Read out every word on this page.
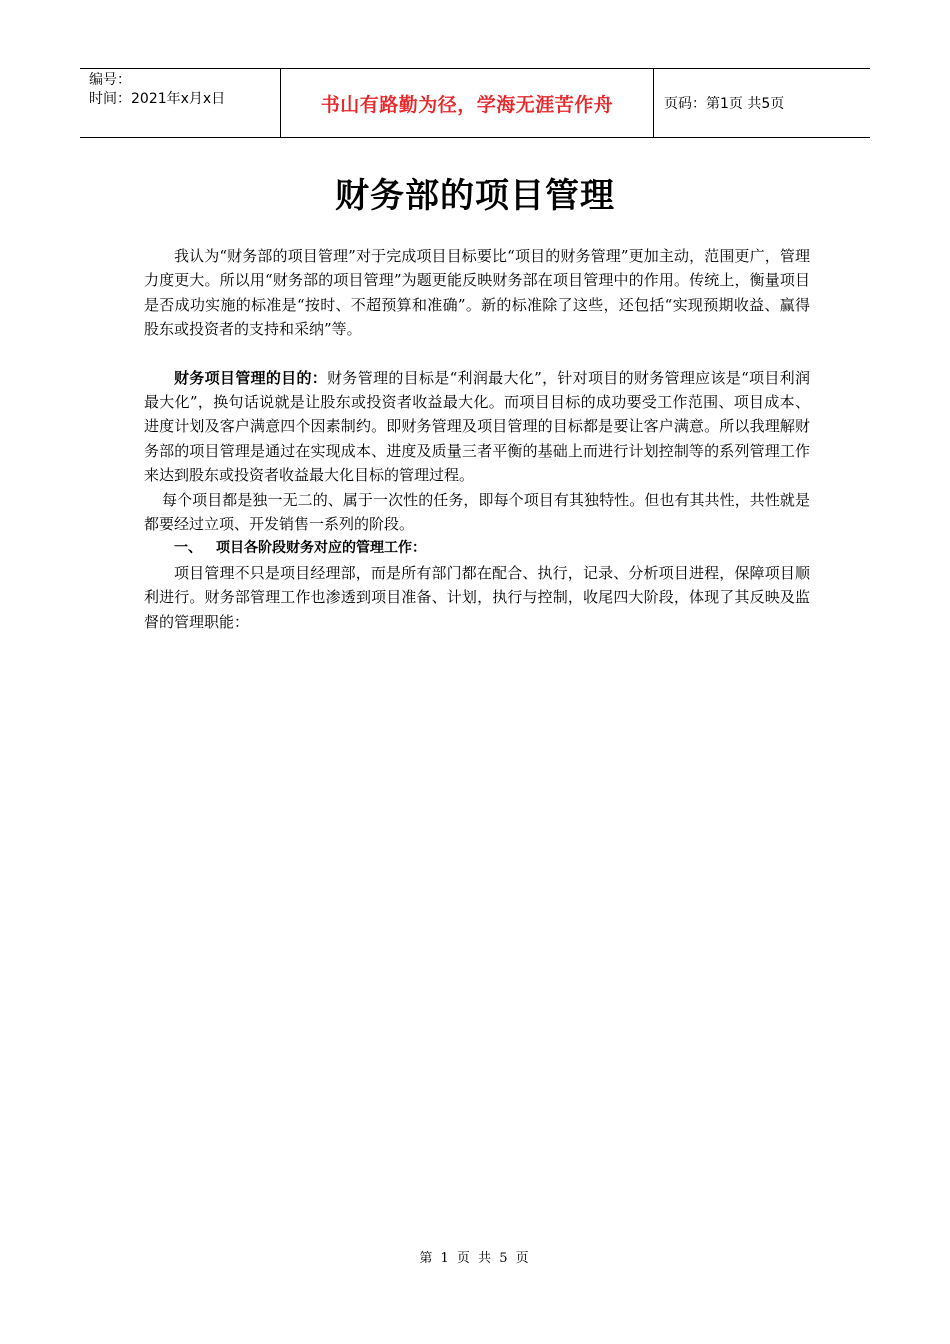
编号：
时间：2021年x月x日	书山有路勤为径，学海无涯苦作舟	页码：第1页 共5页
财务部的项目管理

我认为“财务部的项目管理”对于完成项目目标要比“项目的财务管理”更加主动，范围更广，管理力度更大。所以用“财务部的项目管理”为题更能反映财务部在项目管理中的作用。传统上，衡量项目是否成功实施的标准是“按时、不超预算和准确”。新的标准除了这些，还包括“实现预期收益、赢得股东或投资者的支持和采纳”等。

财务项目管理的目的：财务管理的目标是“利润最大化”，针对项目的财务管理应该是“项目利润最大化”，换句话说就是让股东或投资者收益最大化。而项目目标的成功要受工作范围、项目成本、进度计划及客户满意四个因素制约。即财务管理及项目管理的目标都是要让客户满意。所以我理解财务部的项目管理是通过在实现成本、进度及质量三者平衡的基础上而进行计划控制等的系列管理工作来达到股东或投资者收益最大化目标的管理过程。

每个项目都是独一无二的、属于一次性的任务，即每个项目有其独特性。但也有其共性，共性就是都要经过立项、开发销售一系列的阶段。

一、 项目各阶段财务对应的管理工作：

项目管理不只是项目经理部，而是所有部门都在配合、执行，记录、分析项目进程，保障项目顺利进行。财务部管理工作也渗透到项目准备、计划，执行与控制，收尾四大阶段，体现了其反映及监督的管理职能：

第 1 页 共 5 页
